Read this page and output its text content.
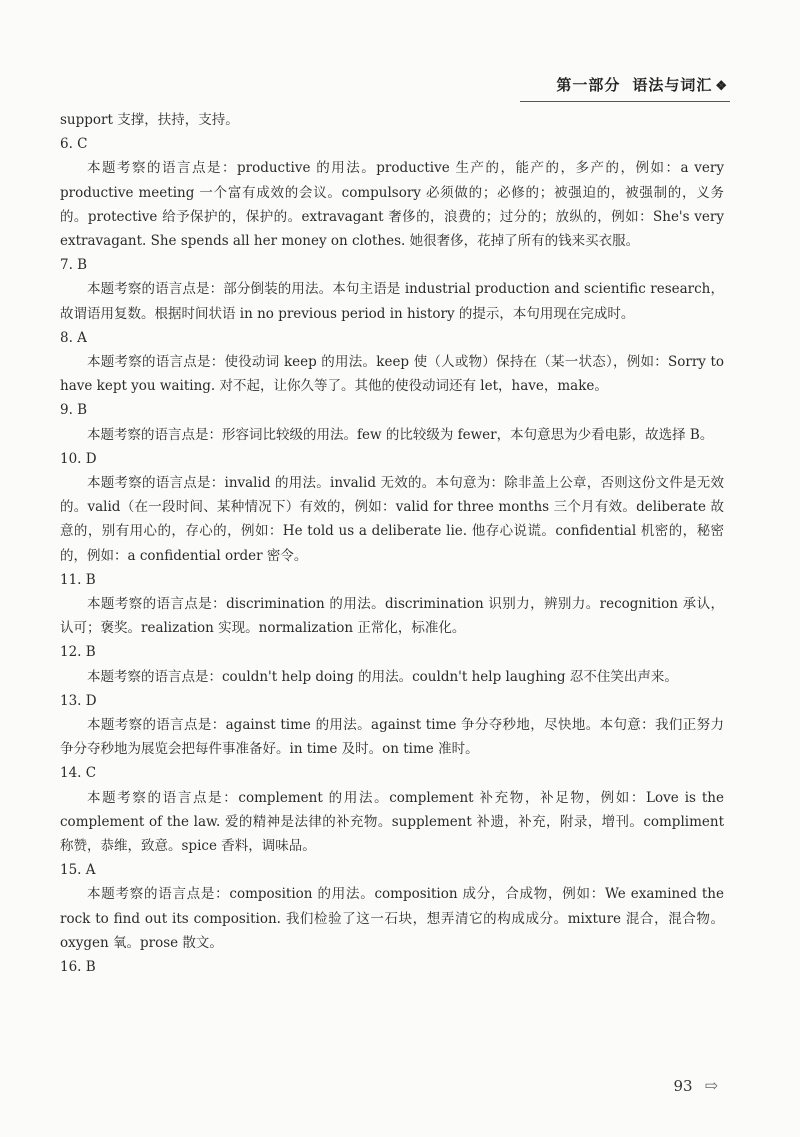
第一部分 语法与词汇 ❖
support 支撑，扶持，支持。
6. C
本题考察的语言点是：productive 的用法。productive 生产的，能产的，多产的，例如：a very productive meeting 一个富有成效的会议。compulsory 必须做的；必修的；被强迫的，被强制的，义务的。protective 给予保护的，保护的。extravagant 奢侈的，浪费的；过分的；放纵的，例如：She's very extravagant. She spends all her money on clothes. 她很奢侈，花掉了所有的钱来买衣服。
7. B
本题考察的语言点是：部分倒装的用法。本句主语是 industrial production and scientific research，故谓语用复数。根据时间状语 in no previous period in history 的提示，本句用现在完成时。
8. A
本题考察的语言点是：使役动词 keep 的用法。keep 使（人或物）保持在（某一状态），例如：Sorry to have kept you waiting. 对不起，让你久等了。其他的使役动词还有 let，have，make。
9. B
本题考察的语言点是：形容词比较级的用法。few 的比较级为 fewer，本句意思为少看电影，故选择 B。
10. D
本题考察的语言点是：invalid 的用法。invalid 无效的。本句意为：除非盖上公章，否则这份文件是无效的。valid（在一段时间、某种情况下）有效的，例如：valid for three months 三个月有效。deliberate 故意的，别有用心的，存心的，例如：He told us a deliberate lie. 他存心说谎。confidential 机密的，秘密的，例如：a confidential order 密令。
11. B
本题考察的语言点是：discrimination 的用法。discrimination 识别力，辨别力。recognition 承认，认可；褒奖。realization 实现。normalization 正常化，标准化。
12. B
本题考察的语言点是：couldn't help doing 的用法。couldn't help laughing 忍不住笑出声来。
13. D
本题考察的语言点是：against time 的用法。against time 争分夺秒地，尽快地。本句意：我们正努力争分夺秒地为展览会把每件事准备好。in time 及时。on time 准时。
14. C
本题考察的语言点是：complement 的用法。complement 补充物，补足物，例如：Love is the complement of the law. 爱的精神是法律的补充物。supplement 补遗，补充，附录，增刊。compliment 称赞，恭维，致意。spice 香料，调味品。
15. A
本题考察的语言点是：composition 的用法。composition 成分，合成物，例如：We examined the rock to find out its composition. 我们检验了这一石块，想弄清它的构成成分。mixture 混合，混合物。oxygen 氧。prose 散文。
16. B
93 ⇨
